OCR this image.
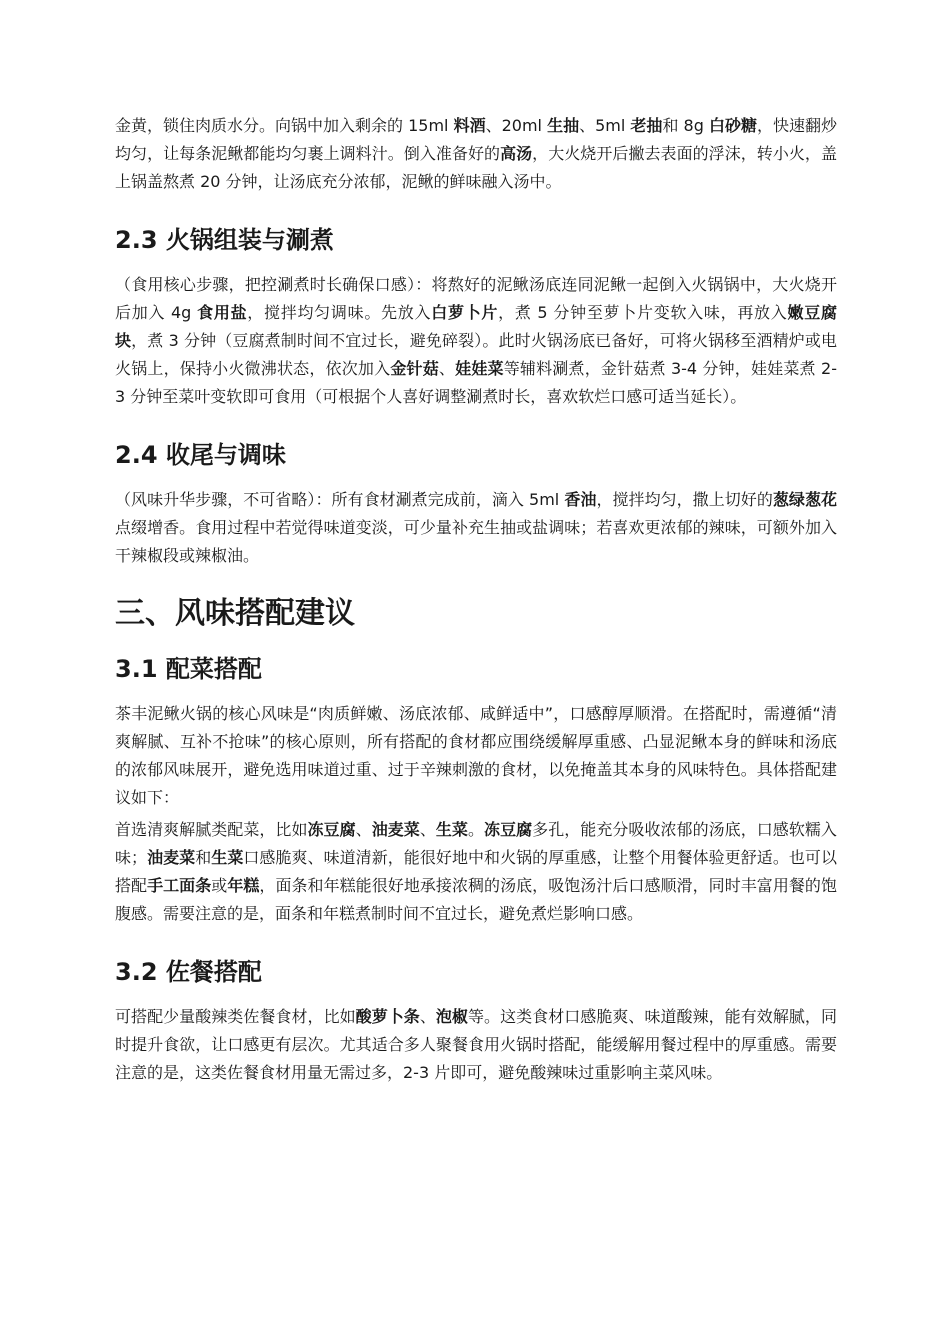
金黄，锁住肉质水分。向锅中加入剩余的 15ml 料酒、20ml 生抽、5ml 老抽和 8g 白砂糖，快速翻炒均匀，让每条泥鳅都能均匀裹上调料汁。倒入准备好的高汤，大火烧开后撇去表面的浮沫，转小火，盖上锅盖熬煮 20 分钟，让汤底充分浓郁，泥鳅的鲜味融入汤中。

2.3 火锅组装与涮煮

（食用核心步骤，把控涮煮时长确保口感）：将熬好的泥鳅汤底连同泥鳅一起倒入火锅锅中，大火烧开后加入 4g 食用盐，搅拌均匀调味。先放入白萝卜片，煮 5 分钟至萝卜片变软入味，再放入嫩豆腐块，煮 3 分钟（豆腐煮制时间不宜过长，避免碎裂）。此时火锅汤底已备好，可将火锅移至酒精炉或电火锅上，保持小火微沸状态，依次加入金针菇、娃娃菜等辅料涮煮，金针菇煮 3-4 分钟，娃娃菜煮 2-3 分钟至菜叶变软即可食用（可根据个人喜好调整涮煮时长，喜欢软烂口感可适当延长）。

2.4 收尾与调味

（风味升华步骤，不可省略）：所有食材涮煮完成前，滴入 5ml 香油，搅拌均匀，撒上切好的葱绿葱花点缀增香。食用过程中若觉得味道变淡，可少量补充生抽或盐调味；若喜欢更浓郁的辣味，可额外加入干辣椒段或辣椒油。

三、风味搭配建议
3.1 配菜搭配

茶丰泥鳅火锅的核心风味是“肉质鲜嫩、汤底浓郁、咸鲜适中”，口感醇厚顺滑。在搭配时，需遵循“清爽解腻、互补不抢味”的核心原则，所有搭配的食材都应围绕缓解厚重感、凸显泥鳅本身的鲜味和汤底的浓郁风味展开，避免选用味道过重、过于辛辣刺激的食材，以免掩盖其本身的风味特色。具体搭配建议如下：

首选清爽解腻类配菜，比如冻豆腐、油麦菜、生菜。冻豆腐多孔，能充分吸收浓郁的汤底，口感软糯入味；油麦菜和生菜口感脆爽、味道清新，能很好地中和火锅的厚重感，让整个用餐体验更舒适。也可以搭配手工面条或年糕，面条和年糕能很好地承接浓稠的汤底，吸饱汤汁后口感顺滑，同时丰富用餐的饱腹感。需要注意的是，面条和年糕煮制时间不宜过长，避免煮烂影响口感。

3.2 佐餐搭配

可搭配少量酸辣类佐餐食材，比如酸萝卜条、泡椒等。这类食材口感脆爽、味道酸辣，能有效解腻，同时提升食欲，让口感更有层次。尤其适合多人聚餐食用火锅时搭配，能缓解用餐过程中的厚重感。需要注意的是，这类佐餐食材用量无需过多，2-3 片即可，避免酸辣味过重影响主菜风味。
